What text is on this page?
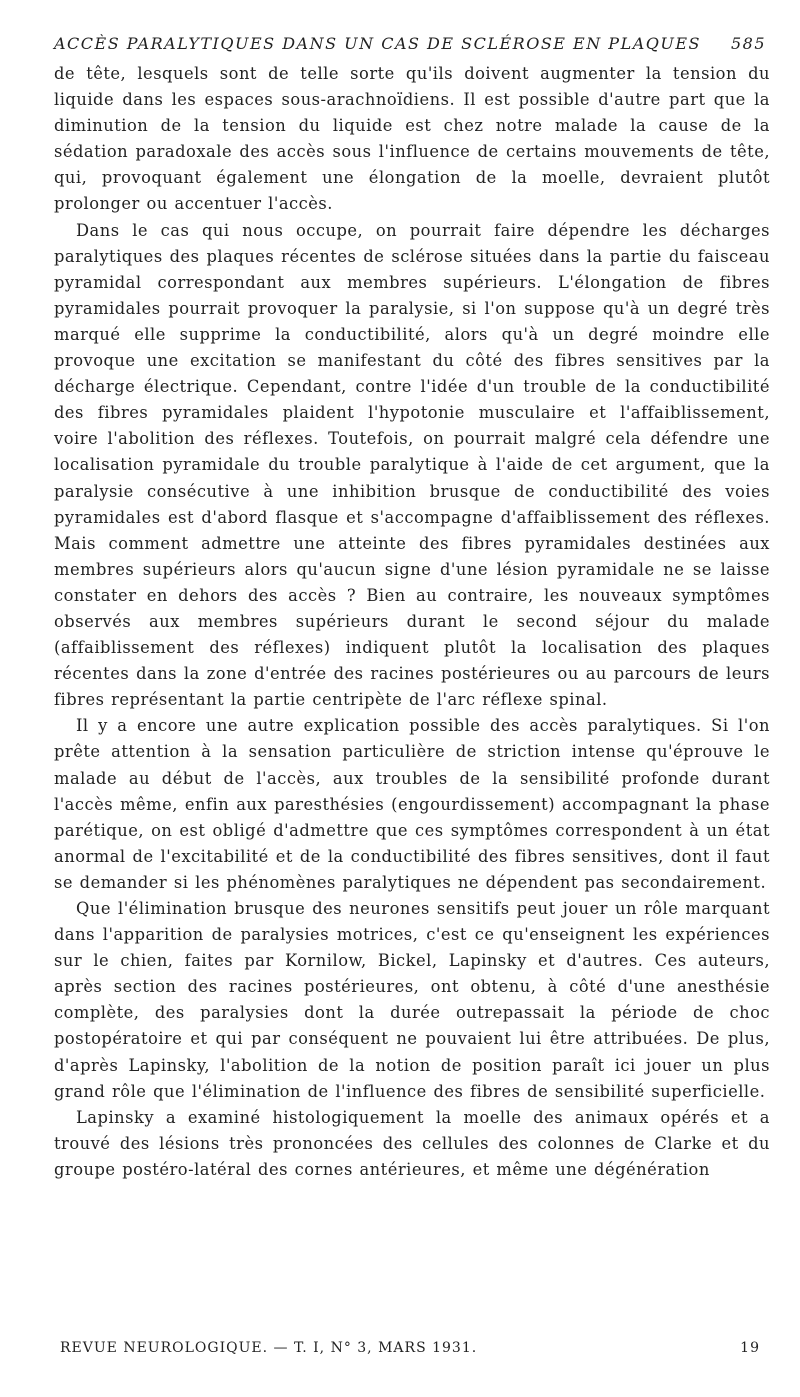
ACCÈS PARALYTIQUES DANS UN CAS DE SCLÉROSE EN PLAQUES	585

de tête, lesquels sont de telle sorte qu'ils doivent augmenter la tension du liquide dans les espaces sous-arachnoïdiens. Il est possible d'autre part que la diminution de la tension du liquide est chez notre malade la cause de la sédation paradoxale des accès sous l'influence de certains mouvements de tête, qui, provoquant également une élongation de la moelle, devraient plutôt prolonger ou accentuer l'accès.

Dans le cas qui nous occupe, on pourrait faire dépendre les décharges paralytiques des plaques récentes de sclérose situées dans la partie du faisceau pyramidal correspondant aux membres supérieurs. L'élongation de fibres pyramidales pourrait provoquer la paralysie, si l'on suppose qu'à un degré très marqué elle supprime la conductibilité, alors qu'à un degré moindre elle provoque une excitation se manifestant du côté des fibres sensitives par la décharge électrique. Cependant, contre l'idée d'un trouble de la conductibilité des fibres pyramidales plaident l'hypotonie musculaire et l'affaiblissement, voire l'abolition des réflexes. Toutefois, on pourrait malgré cela défendre une localisation pyramidale du trouble paralytique à l'aide de cet argument, que la paralysie consécutive à une inhibition brusque de conductibilité des voies pyramidales est d'abord flasque et s'accompagne d'affaiblissement des réflexes. Mais comment admettre une atteinte des fibres pyramidales destinées aux membres supérieurs alors qu'aucun signe d'une lésion pyramidale ne se laisse constater en dehors des accès ? Bien au contraire, les nouveaux symptômes observés aux membres supérieurs durant le second séjour du malade (affaiblissement des réflexes) indiquent plutôt la localisation des plaques récentes dans la zone d'entrée des racines postérieures ou au parcours de leurs fibres représentant la partie centripète de l'arc réflexe spinal.

Il y a encore une autre explication possible des accès paralytiques. Si l'on prête attention à la sensation particulière de striction intense qu'éprouve le malade au début de l'accès, aux troubles de la sensibilité profonde durant l'accès même, enfin aux paresthésies (engourdissement) accompagnant la phase parétique, on est obligé d'admettre que ces symptômes correspondent à un état anormal de l'excitabilité et de la conductibilité des fibres sensitives, dont il faut se demander si les phénomènes paralytiques ne dépendent pas secondairement.

Que l'élimination brusque des neurones sensitifs peut jouer un rôle marquant dans l'apparition de paralysies motrices, c'est ce qu'enseignent les expériences sur le chien, faites par Kornilow, Bickel, Lapinsky et d'autres. Ces auteurs, après section des racines postérieures, ont obtenu, à côté d'une anesthésie complète, des paralysies dont la durée outrepassait la période de choc postopératoire et qui par conséquent ne pouvaient lui être attribuées. De plus, d'après Lapinsky, l'abolition de la notion de position paraît ici jouer un plus grand rôle que l'élimination de l'influence des fibres de sensibilité superficielle.

Lapinsky a examiné histologiquement la moelle des animaux opérés et a trouvé des lésions très prononcées des cellules des colonnes de Clarke et du groupe postéro-latéral des cornes antérieures, et même une dégénération

REVUE NEUROLOGIQUE. — T. I, N° 3, MARS 1931.	19
